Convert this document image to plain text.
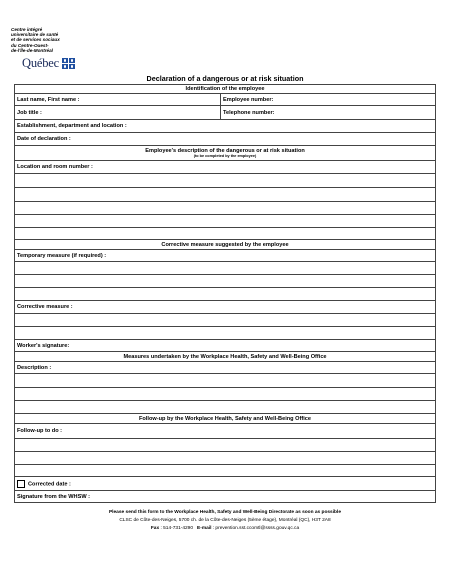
Centre intégré
universitaire de santé
et de services sociaux
du Centre-Ouest-
de-l'Île-de-Montréal
Québec
Declaration of a dangerous or at risk situation
Identification of the employee	
Last name, First name :	Employee number:
Job title :	Telephone number:
Establishment, department and location :	
Date of declaration :	
Employee's description of the dangerous or at risk situation
(to be completed by the employee)	

Location and room number :	

Corrective measure suggested by the employee	
Temporary measure (if required) :	

Corrective measure :	

Worker's signature:	
Measures undertaken by the Workplace Health, Safety and Well-Being Office	
Description :	

Follow-up by the Workplace Health, Safety and Well-Being Office	
Follow-up to do :	

Corrected date :	
Signature from the WHSW :	
Please send this form to the Workplace Health, Safety and Well-Being Directorate as soon as possible
CLSC de Côte-des-Neiges, 5700 ch. de la Côte-des-Neiges (5ème étage), Montréal (QC), H3T 2A8
Fax : 514-731-4290 E-mail : prevention.sst.ccomtl@ssss.gouv.qc.ca
